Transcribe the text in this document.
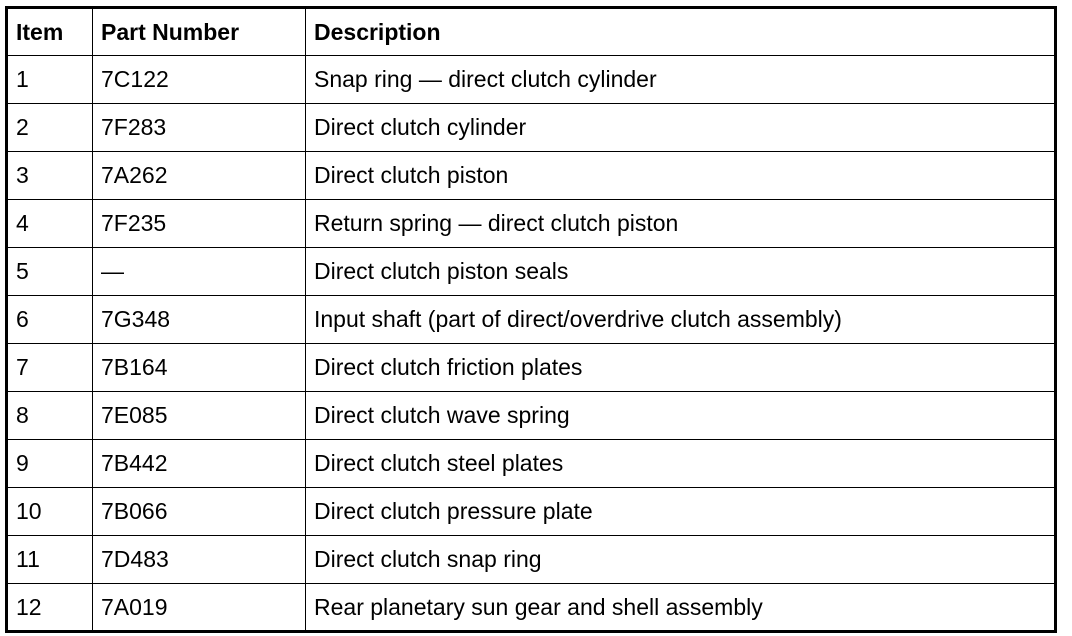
Item	Part Number	Description
1	7C122	Snap ring — direct clutch cylinder
2	7F283	Direct clutch cylinder
3	7A262	Direct clutch piston
4	7F235	Return spring — direct clutch piston
5	—	Direct clutch piston seals
6	7G348	Input shaft (part of direct/overdrive clutch assembly)
7	7B164	Direct clutch friction plates
8	7E085	Direct clutch wave spring
9	7B442	Direct clutch steel plates
10	7B066	Direct clutch pressure plate
11	7D483	Direct clutch snap ring
12	7A019	Rear planetary sun gear and shell assembly
